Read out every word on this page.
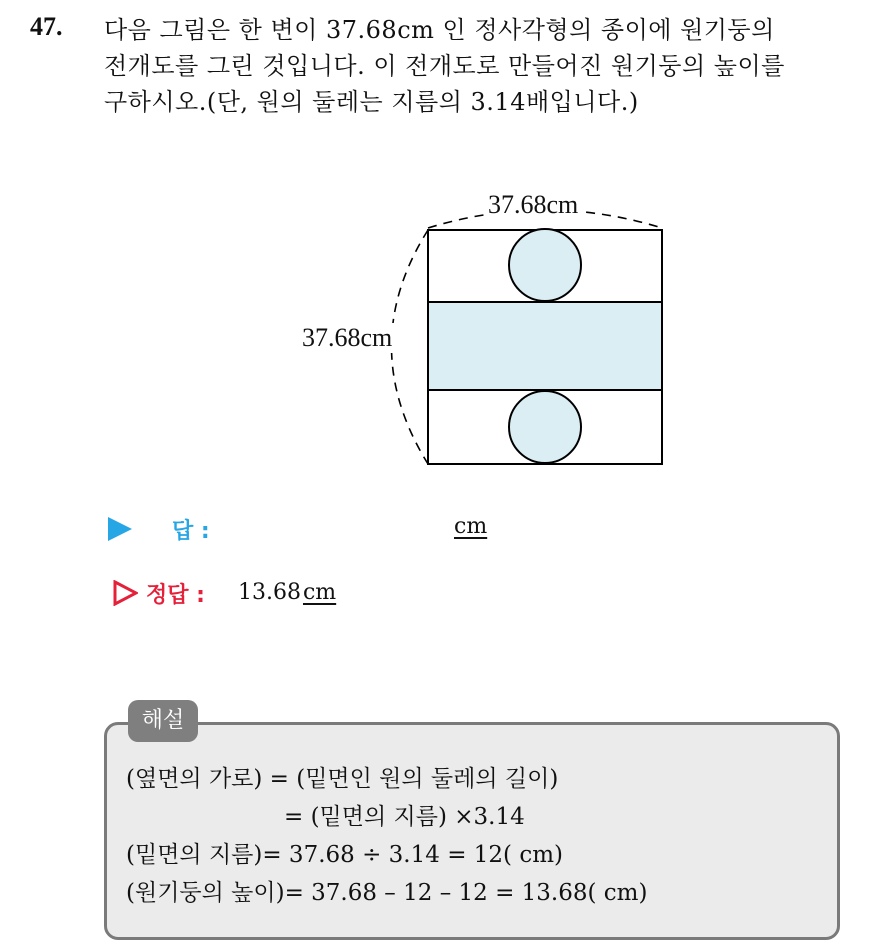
47. 다음 그림은 한 변이 37.68cm 인 정사각형의 종이에 원기둥의
전개도를 그린 것입니다. 이 전개도로 만들어진 원기둥의 높이를
구하시오.(단, 원의 둘레는 지름의 3.14배입니다.)
37.68cm
37.68cm
답 :	cm
정답 : 13.68cm
해설
(옆면의 가로) = (밑면인 원의 둘레의 길이)
= (밑면의 지름) ×3.14
(밑면의 지름)= 37.68 ÷ 3.14 = 12( cm)
(원기둥의 높이)= 37.68 – 12 – 12 = 13.68( cm)
